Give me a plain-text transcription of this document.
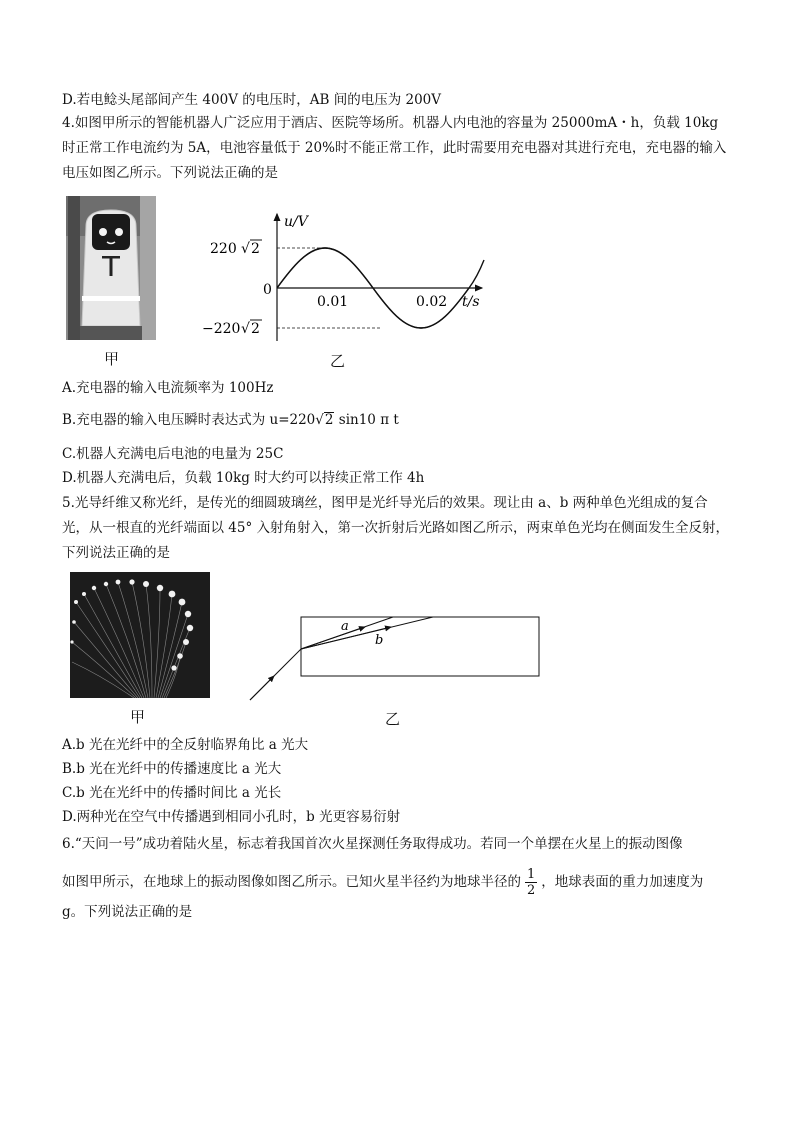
D.若电鲶头尾部间产生 400V 的电压时，AB 间的电压为 200V
4.如图甲所示的智能机器人广泛应用于酒店、医院等场所。机器人内电池的容量为 25000mA・h，负载 10kg 时正常工作电流约为 5A，电池容量低于 20%时不能正常工作，此时需要用充电器对其进行充电，充电器的输入电压如图乙所示。下列说法正确的是
甲
u/V
t/s
0
0.01	0.02
220 √ 2
−220 √ 2
乙
A.充电器的输入电流频率为 100Hz
B.充电器的输入电压瞬时表达式为 u=220√2 sin10 π t
C.机器人充满电后电池的电量为 25C
D.机器人充满电后，负载 10kg 时大约可以持续正常工作 4h
5.光导纤维又称光纤，是传光的细圆玻璃丝，图甲是光纤导光后的效果。现让由 a、b 两种单色光组成的复合光，从一根直的光纤端面以 45° 入射角射入，第一次折射后光路如图乙所示，两束单色光均在侧面发生全反射，下列说法正确的是
甲
a
b
乙
A.b 光在光纤中的全反射临界角比 a 光大
B.b 光在光纤中的传播速度比 a 光大
C.b 光在光纤中的传播时间比 a 光长
D.两种光在空气中传播遇到相同小孔时，b 光更容易衍射
6.“天问一号”成功着陆火星，标志着我国首次火星探测任务取得成功。若同一个单摆在火星上的振动图像
如图甲所示，在地球上的振动图像如图乙所示。已知火星半径约为地球半径的 $\frac{1}{2}$ ，地球表面的重力加速度为
g。下列说法正确的是
